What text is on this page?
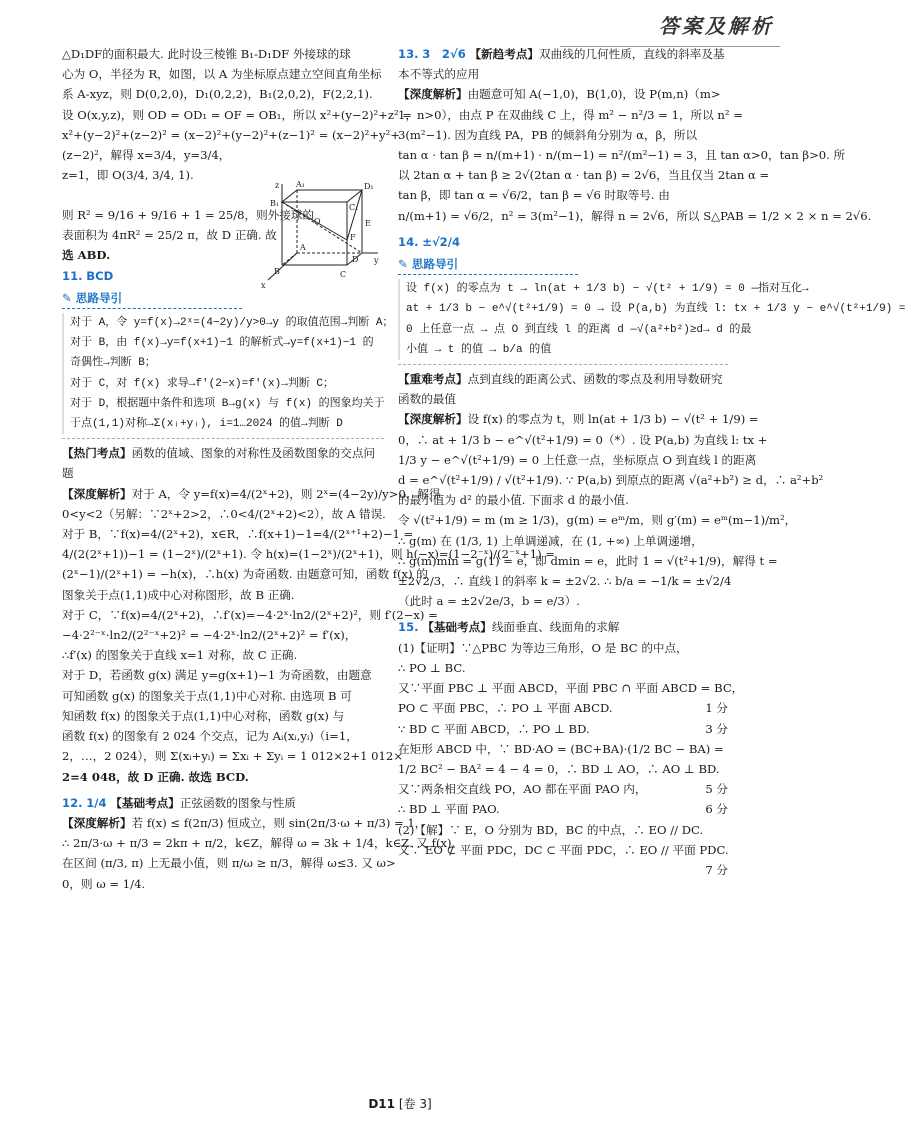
答案及解析
△D₁DF的面积最大. 此时设三棱锥 B₁-D₁DF 外接球的球
心为 O，半径为 R，如图，以 A 为坐标原点建立空间直角坐标
系 A-xyz，则 D(0,2,0)，D₁(0,2,2)，B₁(2,0,2)，F(2,2,1).
设 O(x,y,z)，则 OD = OD₁ = OF = OB₁，所以 x²+(y−2)²+z² =
x²+(y−2)²+(z−2)² = (x−2)²+(y−2)²+(z−1)² = (x−2)²+y²+
(z−2)²，解得 x=3/4，y=3/4，z=1，即 O(3/4, 3/4, 1).
则 R² = 9/16 + 9/16 + 1 = 25/8，则外接球的
表面积为 4πR² = 25/2 π，故 D 正确. 故
选 ABD.
11. BCD
✎ 思路导引
对于 A，令 y=f(x)→2ˣ=(4−2y)/y>0→y 的取值范围→判断 A；
对于 B，由 f(x)→y=f(x+1)−1 的解析式→y=f(x+1)−1 的
奇偶性→判断 B；
对于 C，对 f(x) 求导→f′(2−x)=f′(x)→判断 C；
对于 D，根据题中条件和选项 B→g(x) 与 f(x) 的图象均关于
于点(1,1)对称→Σ(xᵢ+yᵢ), i=1…2024 的值→判断 D
【热门考点】函数的值域、图象的对称性及函数图象的交点问题
【深度解析】对于 A，令 y=f(x)=4/(2ˣ+2)，则 2ˣ=(4−2y)/y>0，解得
0<y<2（另解：∵2ˣ+2>2，∴0<4/(2ˣ+2)<2），故 A 错误.
对于 B，∵f(x)=4/(2ˣ+2)，x∈R，∴f(x+1)−1=4/(2ˣ⁺¹+2)−1 =
4/(2(2ˣ+1))−1 = (1−2ˣ)/(2ˣ+1). 令 h(x)=(1−2ˣ)/(2ˣ+1)，则 h(−x)=(1−2⁻ˣ)/(2⁻ˣ+1) =
(2ˣ−1)/(2ˣ+1) = −h(x)，∴h(x) 为奇函数. 由题意可知，函数 f(x) 的
图象关于点(1,1)成中心对称图形，故 B 正确.
对于 C，∵f(x)=4/(2ˣ+2)，∴f′(x)=−4·2ˣ·ln2/(2ˣ+2)²，则 f′(2−x) =
−4·2²⁻ˣ·ln2/(2²⁻ˣ+2)² = −4·2ˣ·ln2/(2ˣ+2)² = f′(x)，
∴f′(x) 的图象关于直线 x=1 对称，故 C 正确.
对于 D，若函数 g(x) 满足 y=g(x+1)−1 为奇函数，由题意
可知函数 g(x) 的图象关于点(1,1)中心对称. 由选项 B 可
知函数 f(x) 的图象关于点(1,1)中心对称，函数 g(x) 与
函数 f(x) 的图象有 2 024 个交点，记为 Aᵢ(xᵢ,yᵢ)（i=1，
2，…，2 024），则 Σ(xᵢ+yᵢ) = Σxᵢ + Σyᵢ = 1 012×2+1 012×
2=4 048，故 D 正确. 故选 BCD.
12. 1/4 【基础考点】正弦函数的图象与性质
【深度解析】若 f(x) ≤ f(2π/3) 恒成立，则 sin(2π/3·ω + π/3) = 1，
∴ 2π/3·ω + π/3 = 2kπ + π/2，k∈Z，解得 ω = 3k + 1/4，k∈Z. 又 f(x)
在区间 (π/3, π) 上无最小值，则 π/ω ≥ π/3，解得 ω≤3. 又 ω>
0，则 ω = 1/4.
z A₁	D₁
B₁	C₁
O
F
E
A
D y
B	C
x
13. 3　2√6 【新趋考点】双曲线的几何性质，直线的斜率及基本不等式的应用
【深度解析】由题意可知 A(−1,0)，B(1,0)，设 P(m,n)（m>
1，n>0），由点 P 在双曲线 C 上，得 m² − n²/3 = 1，所以 n² =
3(m²−1). 因为直线 PA，PB 的倾斜角分别为 α，β，所以
tan α · tan β = n/(m+1) · n/(m−1) = n²/(m²−1) = 3，且 tan α>0，tan β>0. 所
以 2tan α + tan β ≥ 2√(2tan α · tan β) = 2√6，当且仅当 2tan α =
tan β，即 tan α = √6/2，tan β = √6 时取等号. 由
n/(m+1) = √6/2，n² = 3(m²−1)，解得 n = 2√6，所以 S△PAB = 1/2 × 2 × n = 2√6.
14. ±√2/4
✎ 思路导引
设 f(x) 的零点为 t → ln(at + 1/3 b) − √(t² + 1/9) = 0 —指对互化→
at + 1/3 b − e^√(t²+1/9) = 0 → 设 P(a,b) 为直线 l: tx + 1/3 y − e^√(t²+1/9) =
0 上任意一点 → 点 O 到直线 l 的距离 d —√(a²+b²)≥d→ d 的最
小值 → t 的值 → b/a 的值
【重难考点】点到直线的距离公式、函数的零点及利用导数研究函数的最值
【深度解析】设 f(x) 的零点为 t，则 ln(at + 1/3 b) − √(t² + 1/9) =
0，∴ at + 1/3 b − e^√(t²+1/9) = 0（*）. 设 P(a,b) 为直线 l: tx +
1/3 y − e^√(t²+1/9) = 0 上任意一点，坐标原点 O 到直线 l 的距离
d = e^√(t²+1/9) / √(t²+1/9). ∵ P(a,b) 到原点的距离 √(a²+b²) ≥ d，∴ a²+b²
的最小值为 d² 的最小值. 下面求 d 的最小值.
令 √(t²+1/9) = m (m ≥ 1/3)，g(m) = eᵐ/m，则 g′(m) = eᵐ(m−1)/m²，
∴ g(m) 在 (1/3, 1) 上单调递减，在 (1, +∞) 上单调递增，
∴ g(m)min = g(1) = e，即 dmin = e，此时 1 = √(t²+1/9)，解得 t =
±2√2/3，∴ 直线 l 的斜率 k = ±2√2. ∴ b/a = −1/k = ±√2/4
（此时 a = ±2√2e/3，b = e/3）.
15. 【基础考点】线面垂直、线面角的求解
(1)【证明】∵△PBC 为等边三角形，O 是 BC 的中点，
∴ PO ⊥ BC.
又∵平面 PBC ⊥ 平面 ABCD，平面 PBC ∩ 平面 ABCD = BC，
1 分
PO ⊂ 平面 PBC，∴ PO ⊥ 平面 ABCD.
∵ BD ⊂ 平面 ABCD，∴ PO ⊥ BD.	3 分
在矩形 ABCD 中，∵ BD·AO = (BC+BA)·(1/2 BC − BA) =
1/2 BC² − BA² = 4 − 4 = 0，∴ BD ⊥ AO，∴ AO ⊥ BD.
5 分
又∵两条相交直线 PO，AO 都在平面 PAO 内，
∴ BD ⊥ 平面 PAO.	6 分
(2)【解】∵ E，O 分别为 BD，BC 的中点，∴ EO // DC.
又∵ EO ⊄ 平面 PDC，DC ⊂ 平面 PDC，∴ EO // 平面 PDC.
7 分
D11 [卷 3]
